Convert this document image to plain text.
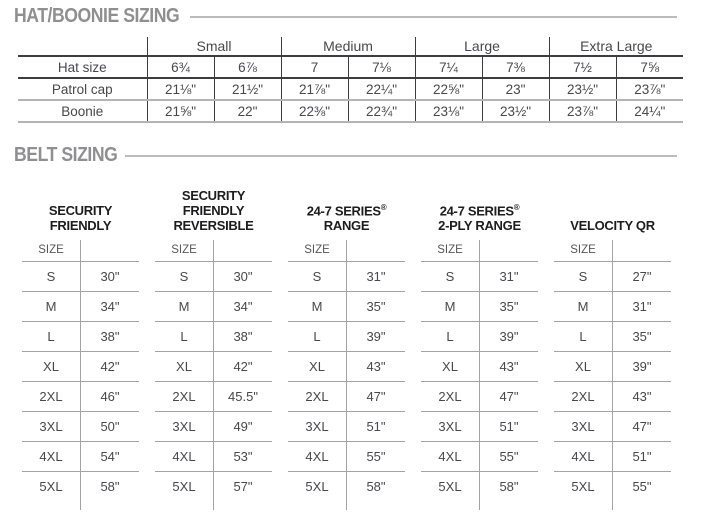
HAT/BOONIE SIZING
	Small		Medium		Large		Extra Large	
Hat size	6¾	6⅞	7	7⅛	7¼	7⅜	7½	7⅝
Patrol cap	21⅛"	21½"	21⅞"	22¼"	22⅝"	23"	23½"	23⅞"
Boonie	21⅝"	22"	22⅜"	22¾"	23⅛"	23½"	23⅞"	24¼"
BELT SIZING
SECURITY
FRIENDLY
SIZE	
S	30"
M	34"
L	38"
XL	42"
2XL	46"
3XL	50"
4XL	54"
5XL	58"

SECURITY
FRIENDLY
REVERSIBLE
SIZE	
S	30"
M	34"
L	38"
XL	42"
2XL	45.5"
3XL	49"
4XL	53"
5XL	57"

24-7 SERIES®
RANGE
SIZE	
S	31"
M	35"
L	39"
XL	43"
2XL	47"
3XL	51"
4XL	55"
5XL	58"

24-7 SERIES®
2-PLY RANGE
SIZE	
S	31"
M	35"
L	39"
XL	43"
2XL	47"
3XL	51"
4XL	55"
5XL	58"

VELOCITY QR
SIZE	
S	27"
M	31"
L	35"
XL	39"
2XL	43"
3XL	47"
4XL	51"
5XL	55"
